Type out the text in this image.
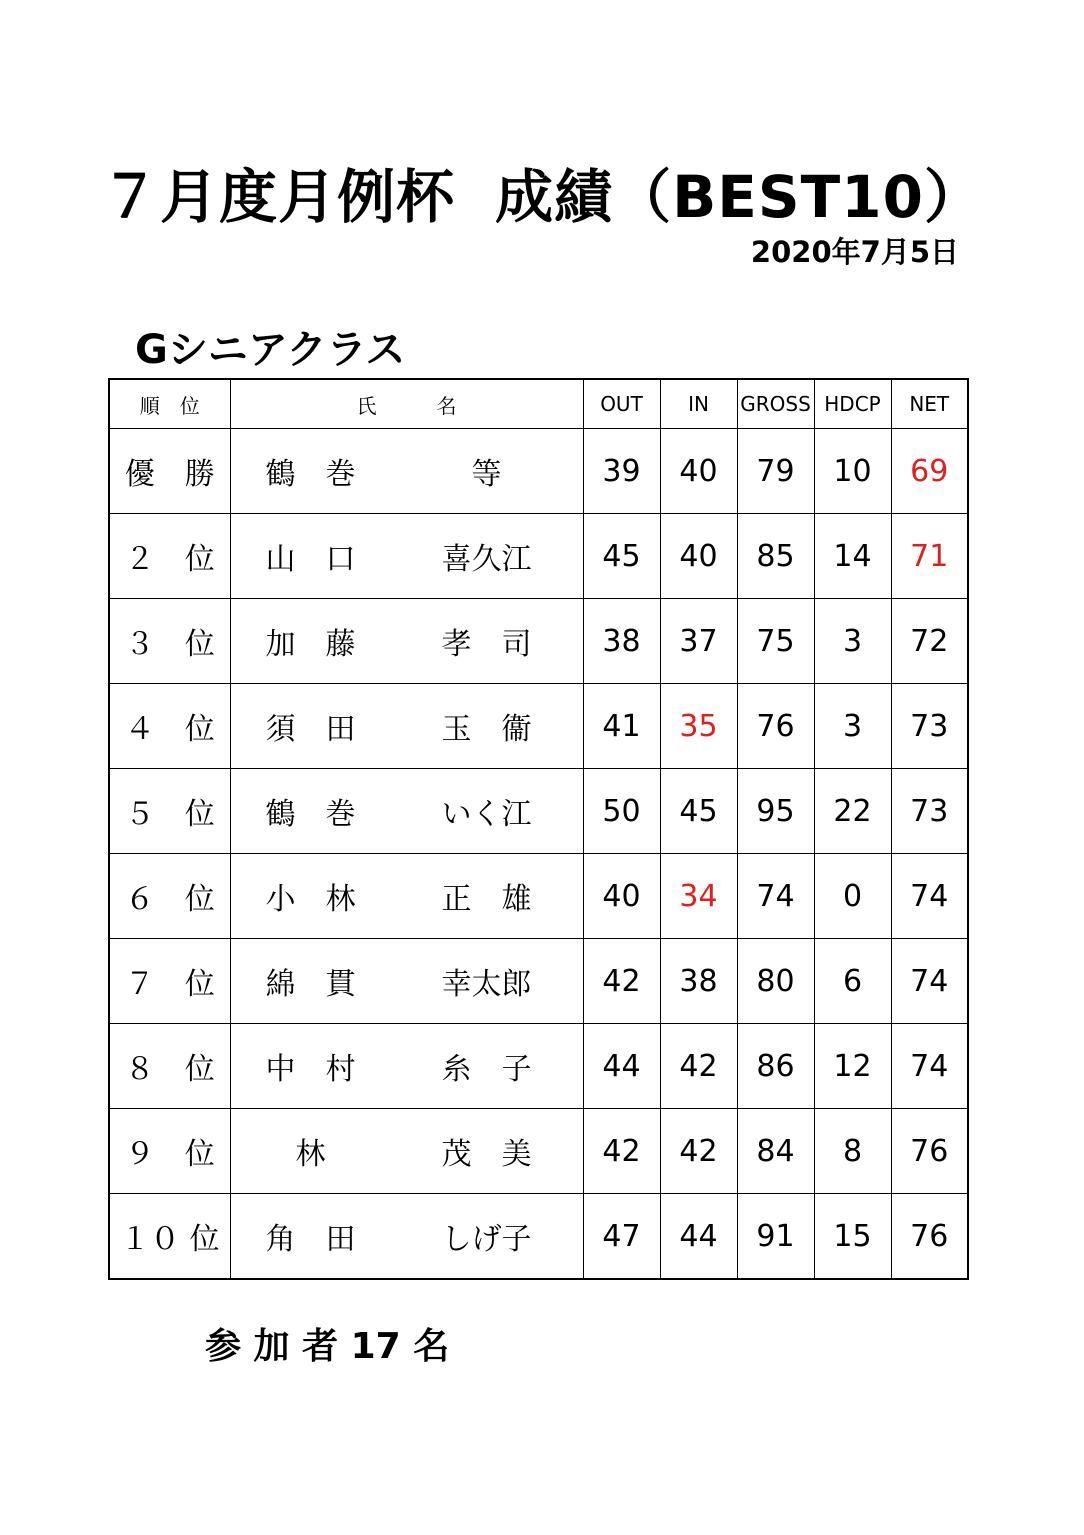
７月度月例杯 成績（BEST10）
2020年7月5日
Gシニアクラス
順　位	氏　　　名	OUT	IN	GROSS	HDCP	NET
優　勝	鶴　巻 等	39	40	79	10	69
２　位	山　口 喜久江	45	40	85	14	71
３　位	加　藤 孝　司	38	37	75	3	72
４　位	須　田 玉　衞	41	35	76	3	73
５　位	鶴　巻 いく江	50	45	95	22	73
６　位	小　林 正　雄	40	34	74	0	74
７　位	綿　貫 幸太郎	42	38	80	6	74
８　位	中　村 糸　子	44	42	86	12	74
９　位	林 茂　美	42	42	84	8	76
１０ 位	角　田 しげ子	47	44	91	15	76
参 加 者 17 名
